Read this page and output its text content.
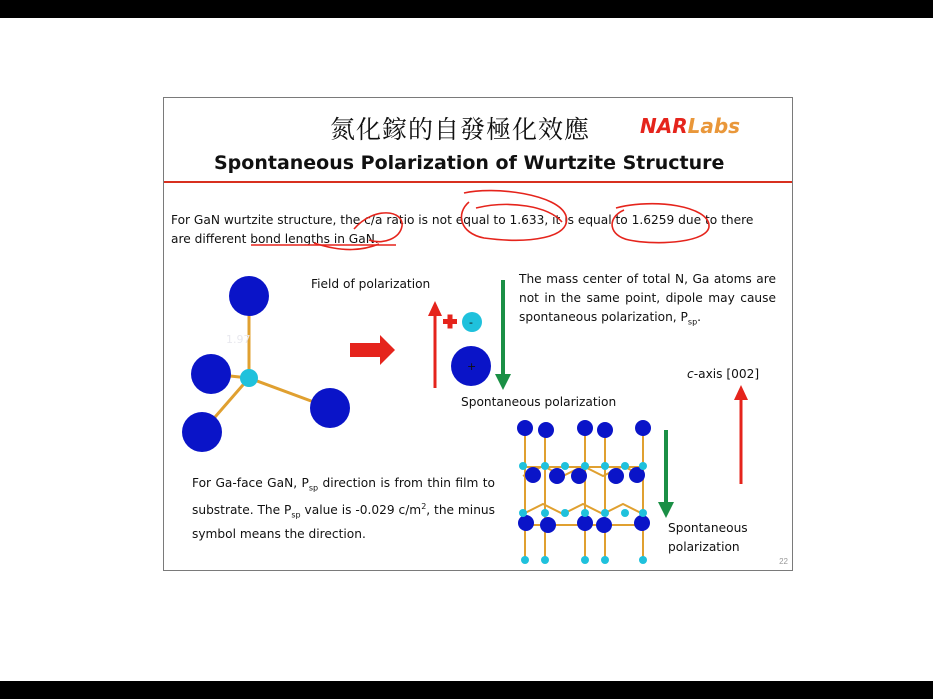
氮化鎵的自發極化效應 NARLabs
Spontaneous Polarization of Wurtzite Structure
For GaN wurtzite structure, the c/a ratio is not equal to 1.633, it is equal to 1.6259 due to there
are different bond lengths in GaN.
Field of polarization	The mass center of total N, Ga atoms are not in the same point, dipole may cause spontaneous polarization, $P_{sp}$.
Spontaneous polarization
c-axis [002]
For Ga-face GaN, $P_{sp}$ direction is from thin film to substrate. The $P_{sp}$ value is -0.029 $c/m^2$, the minus symbol means the direction.	Spontaneous
polarization
1.97
-
+
22
